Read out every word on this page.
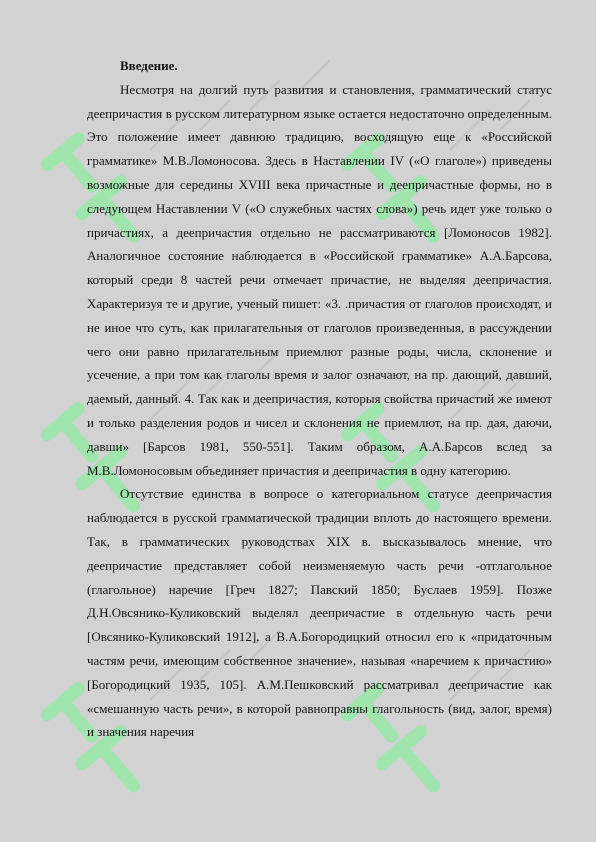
Введение.

Несмотря на долгий путь развития и становления, грамматический статус деепричастия в русском литературном языке остается недостаточно определенным. Это положение имеет давнюю традицию, восходящую еще к «Российской грамматике» М.В.Ломоносова. Здесь в Наставлении IV («О глаголе») приведены возможные для середины XVIII века причастные и деепричастные формы, но в следующем Наставлении V («О служебных частях слова») речь идет уже только о причастиях, а деепричастия отдельно не рассматриваются [Ломоносов 1982]. Аналогичное состояние наблюдается в «Российской грамматике» А.А.Барсова, который среди 8 частей речи отмечает причастие, не выделяя деепричастия. Характеризуя те и другие, ученый пишет: «3. .причастия от глаголов происходят, и не иное что суть, как прилагательныя от глаголов произведенныя, в рассуждении чего они равно прилагательным приемлют разные роды, числа, склонение и усечение, а при том как глаголы время и залог означают, на пр. дающий, давший, даемый, данный. 4. Так как и деепричастия, которыя свойства причастий же имеют и только разделения родов и чисел и склонения не приемлют, на пр. дая, даючи, давши» [Барсов 1981, 550-551]. Таким образом, А.А.Барсов вслед за М.В.Ломоносовым объединяет причастия и деепричастия в одну категорию.

Отсутствие единства в вопросе о категориальном статусе деепричастия наблюдается в русской грамматической традиции вплоть до настоящего времени. Так, в грамматических руководствах XIX в. высказывалось мнение, что деепричастие представляет собой неизменяемую часть речи -отглагольное (глагольное) наречие [Греч 1827; Павский 1850; Буслаев 1959]. Позже Д.Н.Овсянико-Куликовский выделял деепричастие в отдельную часть речи [Овсянико-Куликовский 1912], а В.А.Богородицкий относил его к «придаточным частям речи, имеющим собственное значение», называя «наречием к причастию» [Богородицкий 1935, 105]. А.М.Пешковский рассматривал деепричастие как «смешанную часть речи», в которой равноправны глагольность (вид, залог, время) и значения наречия
